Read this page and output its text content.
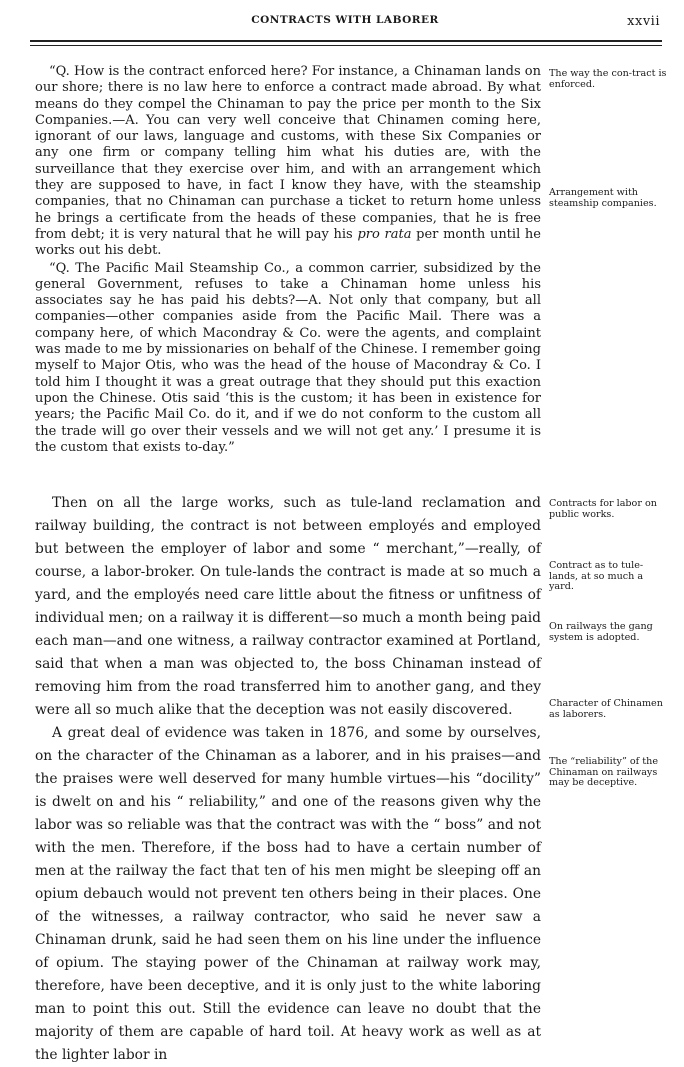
CONTRACTS WITH LABORER	xxvii

“Q. How is the contract enforced here? For instance, a Chinaman lands on our shore; there is no law here to enforce a contract made abroad. By what means do they compel the Chinaman to pay the price per month to the Six Companies.—A. You can very well conceive that Chinamen coming here, ignorant of our laws, language and customs, with these Six Companies or any one firm or company telling him what his duties are, with the surveillance that they exercise over him, and with an arrangement which they are supposed to have, in fact I know they have, with the steamship companies, that no Chinaman can purchase a ticket to return home unless he brings a certificate from the heads of these companies, that he is free from debt; it is very natural that he will pay his pro rata per month until he works out his debt.

“Q. The Pacific Mail Steamship Co., a common carrier, subsidized by the general Government, refuses to take a Chinaman home unless his associates say he has paid his debts?—A. Not only that company, but all companies—other companies aside from the Pacific Mail. There was a company here, of which Macondray & Co. were the agents, and complaint was made to me by missionaries on behalf of the Chinese. I remember going myself to Major Otis, who was the head of the house of Macondray & Co. I told him I thought it was a great outrage that they should put this exaction upon the Chinese. Otis said ‘this is the custom; it has been in existence for years; the Pacific Mail Co. do it, and if we do not conform to the custom all the trade will go over their vessels and we will not get any.’ I presume it is the custom that exists to-day.”

Then on all the large works, such as tule-land reclamation and railway building, the contract is not between employés and employed but between the employer of labor and some “ merchant,”—really, of course, a labor-broker. On tule-lands the contract is made at so much a yard, and the employés need care little about the fitness or unfitness of individual men; on a railway it is different—so much a month being paid each man—and one witness, a railway contractor examined at Portland, said that when a man was objected to, the boss Chinaman instead of removing him from the road transferred him to another gang, and they were all so much alike that the deception was not easily discovered.

A great deal of evidence was taken in 1876, and some by ourselves, on the character of the Chinaman as a laborer, and in his praises—and the praises were well deserved for many humble virtues—his “docility” is dwelt on and his “ reliability,” and one of the reasons given why the labor was so reliable was that the contract was with the “ boss” and not with the men. Therefore, if the boss had to have a certain number of men at the railway the fact that ten of his men might be sleeping off an opium debauch would not prevent ten others being in their places. One of the witnesses, a railway contractor, who said he never saw a Chinaman drunk, said he had seen them on his line under the influence of opium. The staying power of the Chinaman at railway work may, therefore, have been deceptive, and it is only just to the white laboring man to point this out. Still the evidence can leave no doubt that the majority of them are capable of hard toil. At heavy work as well as at the lighter labor in

The way the con-tract is enforced.
Arrangement with steamship companies.
Contracts for labor on public works.
Contract as to tule-lands, at so much a yard.
On railways the gang system is adopted.
Character of Chinamen as laborers.
The “reliability” of the Chinaman on railways may be deceptive.
